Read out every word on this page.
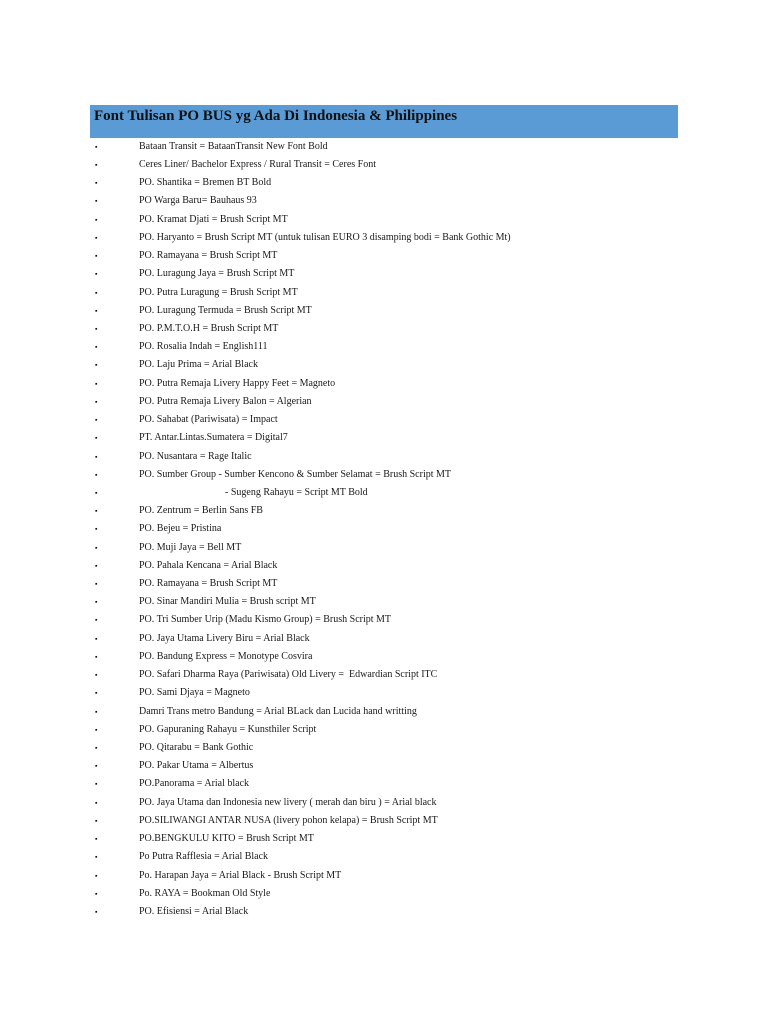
Font Tulisan PO BUS yg Ada Di Indonesia & Philippines
▪	Bataan Transit = BataanTransit New Font Bold
▪	Ceres Liner/ Bachelor Express / Rural Transit = Ceres Font
▪	PO. Shantika = Bremen BT Bold
▪	PO Warga Baru= Bauhaus 93
▪	PO. Kramat Djati = Brush Script MT
▪	PO. Haryanto = Brush Script MT (untuk tulisan EURO 3 disamping bodi = Bank Gothic Mt)
▪	PO. Ramayana = Brush Script MT
▪	PO. Luragung Jaya = Brush Script MT
▪	PO. Putra Luragung = Brush Script MT
▪	PO. Luragung Termuda = Brush Script MT
▪	PO. P.M.T.O.H = Brush Script MT
▪	PO. Rosalia Indah = English111
▪	PO. Laju Prima = Arial Black
▪	PO. Putra Remaja Livery Happy Feet = Magneto
▪	PO. Putra Remaja Livery Balon = Algerian
▪	PO. Sahabat (Pariwisata) = Impact
▪	PT. Antar.Lintas.Sumatera = Digital7
▪	PO. Nusantara = Rage Italic
▪	PO. Sumber Group - Sumber Kencono & Sumber Selamat = Brush Script MT
▪	- Sugeng Rahayu = Script MT Bold
▪	PO. Zentrum = Berlin Sans FB
▪	PO. Bejeu = Pristina
▪	PO. Muji Jaya = Bell MT
▪	PO. Pahala Kencana = Arial Black
▪	PO. Ramayana = Brush Script MT
▪	PO. Sinar Mandiri Mulia = Brush script MT
▪	PO. Tri Sumber Urip (Madu Kismo Group) = Brush Script MT
▪	PO. Jaya Utama Livery Biru = Arial Black
▪	PO. Bandung Express = Monotype Cosvira
▪	PO. Safari Dharma Raya (Pariwisata) Old Livery =  Edwardian Script ITC
▪	PO. Sami Djaya = Magneto
▪	Damri Trans metro Bandung = Arial BLack dan Lucida hand writting
▪	PO. Gapuraning Rahayu = Kunsthiler Script
▪	PO. Qitarabu = Bank Gothic
▪	PO. Pakar Utama = Albertus
▪	PO.Panorama = Arial black
▪	PO. Jaya Utama dan Indonesia new livery ( merah dan biru ) = Arial black
▪	PO.SILIWANGI ANTAR NUSA (livery pohon kelapa) = Brush Script MT
▪	PO.BENGKULU KITO = Brush Script MT
▪	Po Putra Rafflesia = Arial Black
▪	Po. Harapan Jaya = Arial Black - Brush Script MT
▪	Po. RAYA = Bookman Old Style
▪	PO. Efisiensi = Arial Black
